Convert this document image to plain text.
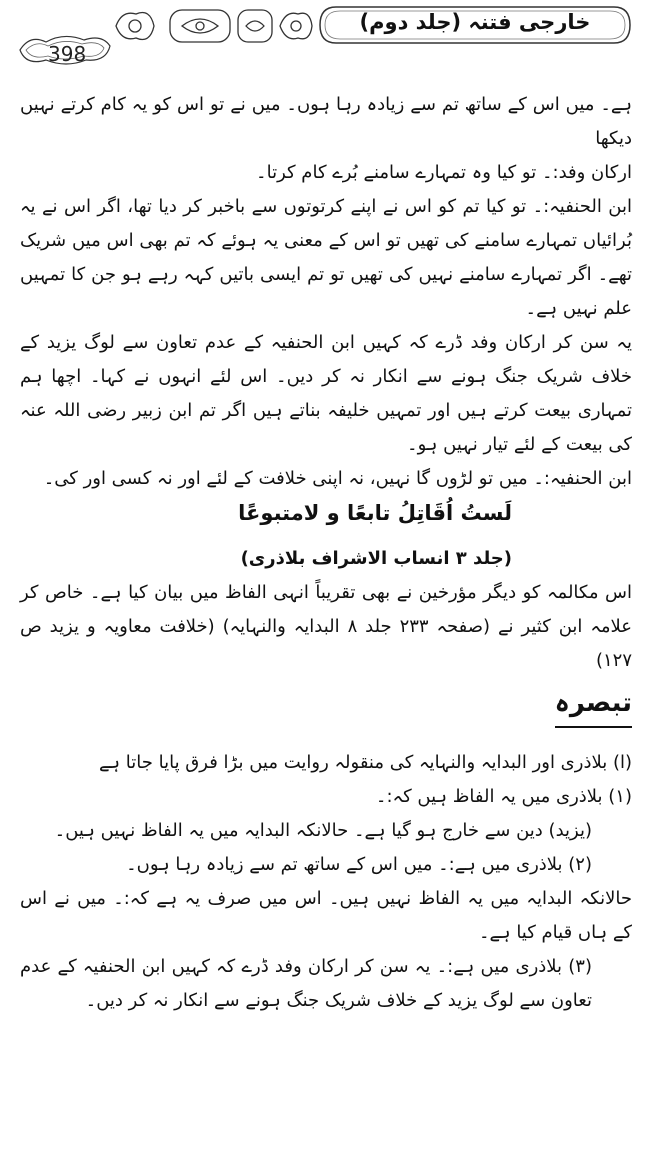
398
خارجی فتنہ (جلد دوم)

ہے۔ میں اس کے ساتھ تم سے زیادہ رہا ہوں۔ میں نے تو اس کو یہ کام کرتے نہیں دیکھا

ارکان وفد:۔ تو کیا وہ تمہارے سامنے بُرے کام کرتا۔

ابن الحنفیہ:۔ تو کیا تم کو اس نے اپنے کرتوتوں سے باخبر کر دیا تھا، اگر اس نے یہ بُرائیاں تمہارے سامنے کی تھیں تو اس کے معنی یہ ہوئے کہ تم بھی اس میں شریک تھے۔ اگر تمہارے سامنے نہیں کی تھیں تو تم ایسی باتیں کہہ رہے ہو جن کا تمہیں علم نہیں ہے۔

یہ سن کر ارکان وفد ڈرے کہ کہیں ابن الحنفیہ کے عدم تعاون سے لوگ یزید کے خلاف شریک جنگ ہونے سے انکار نہ کر دیں۔ اس لئے انہوں نے کہا۔ اچھا ہم تمہاری بیعت کرتے ہیں اور تمہیں خلیفہ بناتے ہیں اگر تم ابن زبیر رضی اللہ عنہ کی بیعت کے لئے تیار نہیں ہو۔

ابن الحنفیہ:۔ میں تو لڑوں گا نہیں، نہ اپنی خلافت کے لئے اور نہ کسی اور کی۔

لَستُ اُقَاتِلُ تابعًا و لامتبوعًا

(جلد ۳ انساب الاشراف بلاذری)

اس مکالمہ کو دیگر مؤرخین نے بھی تقریباً انہی الفاظ میں بیان کیا ہے۔ خاص کر علامہ ابن کثیر نے (صفحہ ۲۳۳ جلد ۸ البدایہ والنہایہ) (خلافت معاویہ و یزید ص ۱۲۷)

تبصرہ

(ا) بلاذری اور البدایہ والنہایہ کی منقولہ روایت میں بڑا فرق پایا جاتا ہے

(۱) بلاذری میں یہ الفاظ ہیں کہ:۔

(یزید) دین سے خارج ہو گیا ہے۔ حالانکہ البدایہ میں یہ الفاظ نہیں ہیں۔

(۲) بلاذری میں ہے:۔ میں اس کے ساتھ تم سے زیادہ رہا ہوں۔

حالانکہ البدایہ میں یہ الفاظ نہیں ہیں۔ اس میں صرف یہ ہے کہ:۔ میں نے اس کے ہاں قیام کیا ہے۔

(۳) بلاذری میں ہے:۔ یہ سن کر ارکان وفد ڈرے کہ کہیں ابن الحنفیہ کے عدم تعاون سے لوگ یزید کے خلاف شریک جنگ ہونے سے انکار نہ کر دیں۔
